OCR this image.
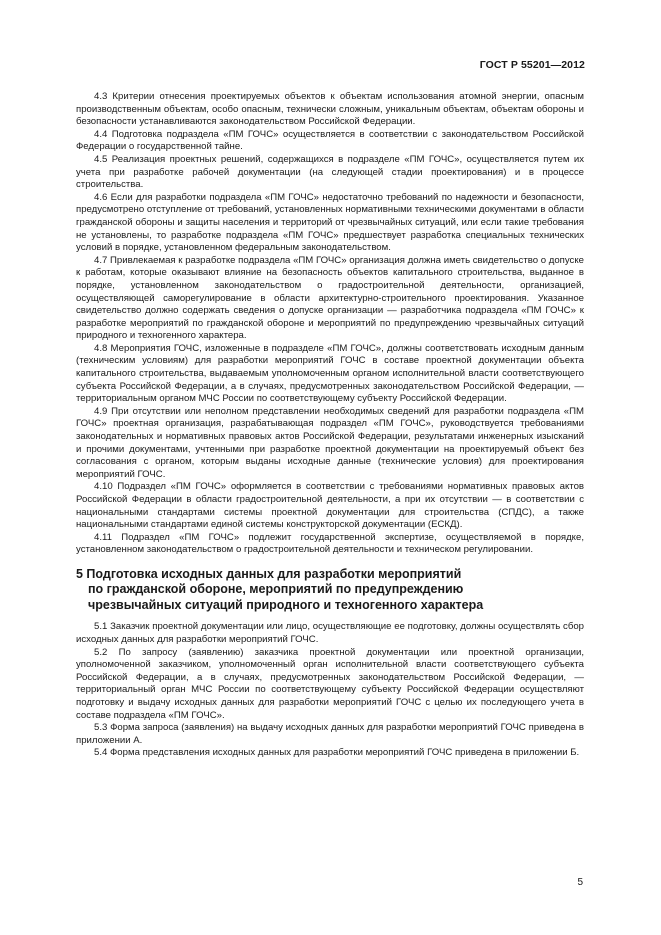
ГОСТ Р 55201—2012

4.3 Критерии отнесения проектируемых объектов к объектам использования атомной энергии, опасным производственным объектам, особо опасным, технически сложным, уникальным объектам, объектам обороны и безопасности устанавливаются законодательством Российской Федерации.

4.4 Подготовка подраздела «ПМ ГОЧС» осуществляется в соответствии с законодательством Российской Федерации о государственной тайне.

4.5 Реализация проектных решений, содержащихся в подразделе «ПМ ГОЧС», осуществляется путем их учета при разработке рабочей документации (на следующей стадии проектирования) и в процессе строительства.

4.6 Если для разработки подраздела «ПМ ГОЧС» недостаточно требований по надежности и безопасности, предусмотрено отступление от требований, установленных нормативными техническими документами в области гражданской обороны и защиты населения и территорий от чрезвычайных ситуаций, или если такие требования не установлены, то разработке подраздела «ПМ ГОЧС» предшествует разработка специальных технических условий в порядке, установленном федеральным законодательством.

4.7 Привлекаемая к разработке подраздела «ПМ ГОЧС» организация должна иметь свидетельство о допуске к работам, которые оказывают влияние на безопасность объектов капитального строительства, выданное в порядке, установленном законодательством о градостроительной деятельности, организацией, осуществляющей саморегулирование в области архитектурно-строительного проектирования. Указанное свидетельство должно содержать сведения о допуске организации — разработчика подраздела «ПМ ГОЧС» к разработке мероприятий по гражданской обороне и мероприятий по предупреждению чрезвычайных ситуаций природного и техногенного характера.

4.8 Мероприятия ГОЧС, изложенные в подразделе «ПМ ГОЧС», должны соответствовать исходным данным (техническим условиям) для разработки мероприятий ГОЧС в составе проектной документации объекта капитального строительства, выдаваемым уполномоченным органом исполнительной власти соответствующего субъекта Российской Федерации, а в случаях, предусмотренных законодательством Российской Федерации, — территориальным органом МЧС России по соответствующему субъекту Российской Федерации.

4.9 При отсутствии или неполном представлении необходимых сведений для разработки подраздела «ПМ ГОЧС» проектная организация, разрабатывающая подраздел «ПМ ГОЧС», руководствуется требованиями законодательных и нормативных правовых актов Российской Федерации, результатами инженерных изысканий и прочими документами, учтенными при разработке проектной документации на проектируемый объект без согласования с органом, которым выданы исходные данные (технические условия) для проектирования мероприятий ГОЧС.

4.10 Подраздел «ПМ ГОЧС» оформляется в соответствии с требованиями нормативных правовых актов Российской Федерации в области градостроительной деятельности, а при их отсутствии — в соответствии с национальными стандартами системы проектной документации для строительства (СПДС), а также национальными стандартами единой системы конструкторской документации (ЕСКД).

4.11 Подраздел «ПМ ГОЧС» подлежит государственной экспертизе, осуществляемой в порядке, установленном законодательством о градостроительной деятельности и техническом регулировании.

5 Подготовка исходных данных для разработки мероприятий
по гражданской обороне, мероприятий по предупреждению
чрезвычайных ситуаций природного и техногенного характера

5.1 Заказчик проектной документации или лицо, осуществляющие ее подготовку, должны осуществлять сбор исходных данных для разработки мероприятий ГОЧС.

5.2 По запросу (заявлению) заказчика проектной документации или проектной организации, уполномоченной заказчиком, уполномоченный орган исполнительной власти соответствующего субъекта Российской Федерации, а в случаях, предусмотренных законодательством Российской Федерации, — территориальный орган МЧС России по соответствующему субъекту Российской Федерации осуществляют подготовку и выдачу исходных данных для разработки мероприятий ГОЧС с целью их последующего учета в составе подраздела «ПМ ГОЧС».

5.3 Форма запроса (заявления) на выдачу исходных данных для разработки мероприятий ГОЧС приведена в приложении А.

5.4 Форма представления исходных данных для разработки мероприятий ГОЧС приведена в приложении Б.

5
